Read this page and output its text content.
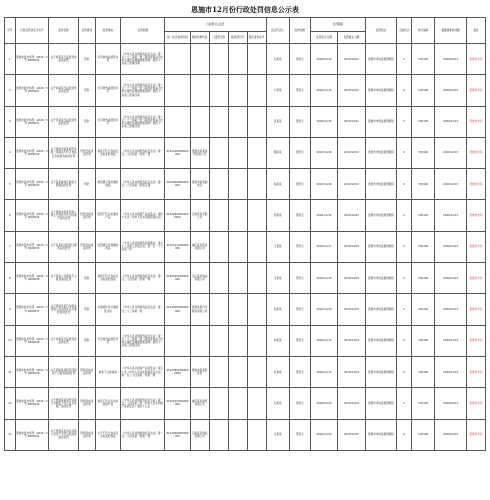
恩施市12月份行政处罚信息公示表
序号	行政处罚决定书文号	案件名称	处罚类别	处罚事由	处罚依据	行政相对人信息					法定代表人	处罚结果	处罚期限		处罚机关	当前状态	地方编码	数据更新时间戳	备注
						统一社会信用代码	组织机构代码	工商登记码	税务登记号	居民身份证号			处罚决定日期	处罚截止日期					
1	恩施市监市场罚〔2020〕5号 0000024	关于刘某某无证经营食品的处罚	罚款	无有效食品经营许可	《中华人民共和国食品安全法》第一百二十二条第一款《湖北省食品小作坊小餐饮及摊贩管理条例》第四十一条第三款第四项						刘某某	罚款元	2020/11/16	2020/12/01	恩施市市场监督管理局	0	530100	2020/12/15	恩施市市场
2	恩施市监市场罚〔2020〕5号 0000027	关于刘某某无证经营食品的处罚	罚款	无有效食品经营许可	《中华人民共和国食品安全法》第一百二十二条第一款《湖北省食品小作坊小餐饮及摊贩管理条例》第四十一条第三款第四项						宁某某	罚款元	2020/11/16	2020/12/01	恩施市市场监督管理局	0	530100	2020/12/15	恩施市市场
3	恩施市监市场罚〔2020〕5号 0000031	关于张某某无证经营食品的处罚	罚款	无有效食品经营许可	《中华人民共和国食品安全法》第一百二十二条第一款《湖北省食品小作坊小餐饮及摊贩管理条例》第四十一条第三款第四项						张某某	罚款元	2020/11/16	2020/12/01	恩施市市场监督管理局	0	530100	2020/12/15	恩施市市场
4	恩施市监市场罚〔2020〕5号 0000032	关于恩施市某某商贸有限公司销售不符合食品安全标准食品的处罚	罚款没收违法所得	销售不符合食品安全标准的食品	《中华人民共和国食品安全法》第一百二十四条第一款第一项	91420000M0000000	恩施市某某商贸有限公司				魏某某	罚款元	2020/11/16	2020/12/01	恩施市市场监督管理局	0	530100	2020/12/15	恩施市市场
5	恩施市监市场罚〔2020〕5号 0000033	关于某某副食店销售过期食品的处罚	罚款	销售超过保质期的食品	《中华人民共和国食品安全法》第一百二十四条第一款第五项	92420000MA000000	恩施市某某副食店				杨某某	罚款元	2020/11/16	2020/12/01	恩施市市场监督管理局	0	530100	2020/12/15	恩施市市场
6	恩施市监市场罚〔2020〕5号 0000034	关于恩施市某某有限公司生产经营不符合标准产品的处罚	罚款没收违法所得	经营不符合标准的产品	《中华人民共和国产品质量法》第四十九条《中华人民共和国标准化法》	91422800MA4900000	云南某某有限公司				郑某某	罚款元	2020/11/16	2020/12/01	恩施市市场监督管理局	0	530100	2020/12/15	恩施市市场
7	恩施市监市场罚〔2020〕5号 0000035	关于某某药店经营过期药品的处罚	罚款没收违法所得	经营超过有效期的药品	《中华人民共和国药品管理法》第九十八条第三款第五项、第一百一十七条第一款	91500112MA000000	重庆某某药房有限公司				王某某	罚款元	2020/11/17	2020/12/03	恩施市市场监督管理局	0	530100	2020/12/15	恩施市市场
8	恩施市监市场罚〔2020〕5号 0000036	关于某某公司销售不合格食品的处罚	罚款	销售不符合食品安全标准的食品	《中华人民共和国食品安全法》第一百二十四条第一款第一项	91500225MA000000	文山某某食品有限公司				马某某	罚款元	2020/11/18	2020/12/03	恩施市市场监督管理局	0	530100	2020/12/15	恩施市市场
9	恩施市监市场罚〔2020〕5号 0000037	关于恩施某某汽车服务有限公司未经许可从事经营的处罚	罚款	未取得许可从事经营活动	《中华人民共和国食品安全法》第一百二十二条第一款	91420000MA000000	恩施某某汽车服务有限公司				刘某某	罚款元	2020/11/18	2020/12/03	恩施市市场监督管理局	0	530100	2020/12/15	恩施市市场
10	恩施市监市场罚〔2020〕5号 0000038	关于刘某某无证经营食品的处罚	罚款	无有效食品经营许可	《中华人民共和国食品安全法》第一百二十二条第一款《湖北省食品小作坊小餐饮及摊贩管理条例》第四十一条第三款第四项						刘某某	罚款元	2020/11/19	2020/12/04	恩施市市场监督管理局	0	530100	2020/12/15	恩施市市场
11	恩施市监市场罚〔2020〕5号 0000039	关于恩施某某经营部销售不合格商品的处罚	罚款没收违法所得	销售不合格商品	《中华人民共和国产品质量法》第五十条《中华人民共和国食品安全法》第一百二十四条第一款第一项	91422801MA4000000	恩施市某某经营部				吴某某	罚款元	2020/11/19	2020/12/04	恩施市市场监督管理局	0	530100	2020/12/15	恩施市市场
12	恩施市监市场罚〔2020〕5号 0000040	关于恩施某某商贸有限公司销售不符合安全标准产品的处罚	罚款没收违法所得	销售不符合安全标准的产品	《中华人民共和国食品安全法》第一百二十四条第一款《中华人民共和国产品质量法》第四十九条	91500103MA000000	重庆某某商贸有限公司				刘某某	罚款元	2020/11/19	2020/12/04	恩施市市场监督管理局	0	530100	2020/12/15	恩施市市场
13	恩施市监市场罚〔2020〕5号 0000041	关于恩施某某食品有限公司生产不符合标准食品的处罚	罚款没收违法所得	生产不符合食品安全标准的食品	《中华人民共和国食品安全法》第一百二十四条第一款第一项	91420000MA000000	云南某某食品有限公司				马某某	罚款元	2020/11/20	2020/12/05	恩施市市场监督管理局	0	530100	2020/12/15	恩施市市场
